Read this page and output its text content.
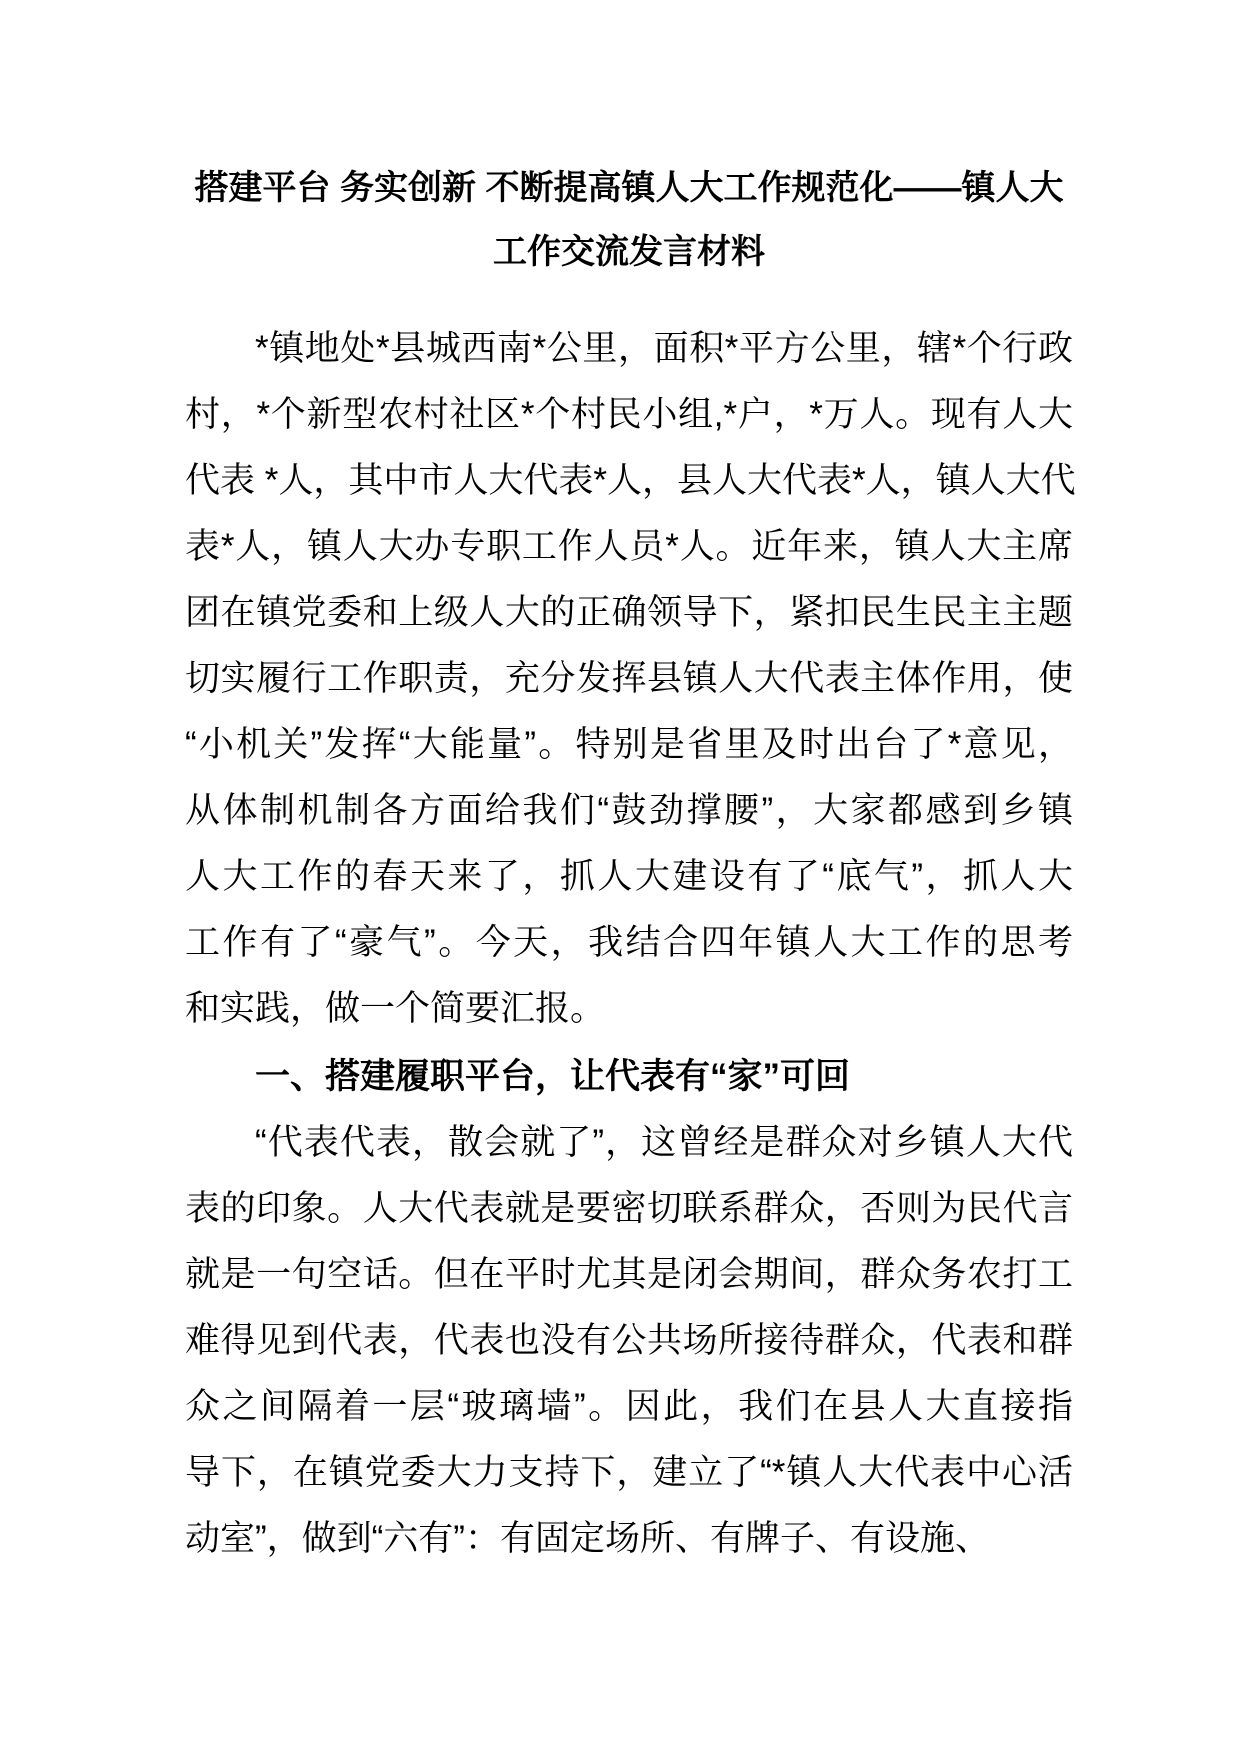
搭建平台 务实创新 不断提高镇人大工作规范化——镇人大
工作交流发言材料
*镇地处*县城西南*公里，面积*平方公里，辖*个行政
村，*个新型农村社区*个村民小组,*户，*万人。现有人大
代表 *人，其中市人大代表*人，县人大代表*人，镇人大代
表*人，镇人大办专职工作人员*人。近年来，镇人大主席
团在镇党委和上级人大的正确领导下，紧扣民生民主主题
切实履行工作职责，充分发挥县镇人大代表主体作用，使
“小机关”发挥“大能量”。特别是省里及时出台了*意见，
从体制机制各方面给我们“鼓劲撑腰”，大家都感到乡镇
人大工作的春天来了，抓人大建设有了“底气”，抓人大
工作有了“豪气”。今天，我结合四年镇人大工作的思考
和实践，做一个简要汇报。
一、搭建履职平台，让代表有“家”可回
“代表代表，散会就了”，这曾经是群众对乡镇人大代
表的印象。人大代表就是要密切联系群众，否则为民代言
就是一句空话。但在平时尤其是闭会期间，群众务农打工
难得见到代表，代表也没有公共场所接待群众，代表和群
众之间隔着一层“玻璃墙”。因此，我们在县人大直接指
导下，在镇党委大力支持下，建立了“*镇人大代表中心活
动室”，做到“六有”：有固定场所、有牌子、有设施、
